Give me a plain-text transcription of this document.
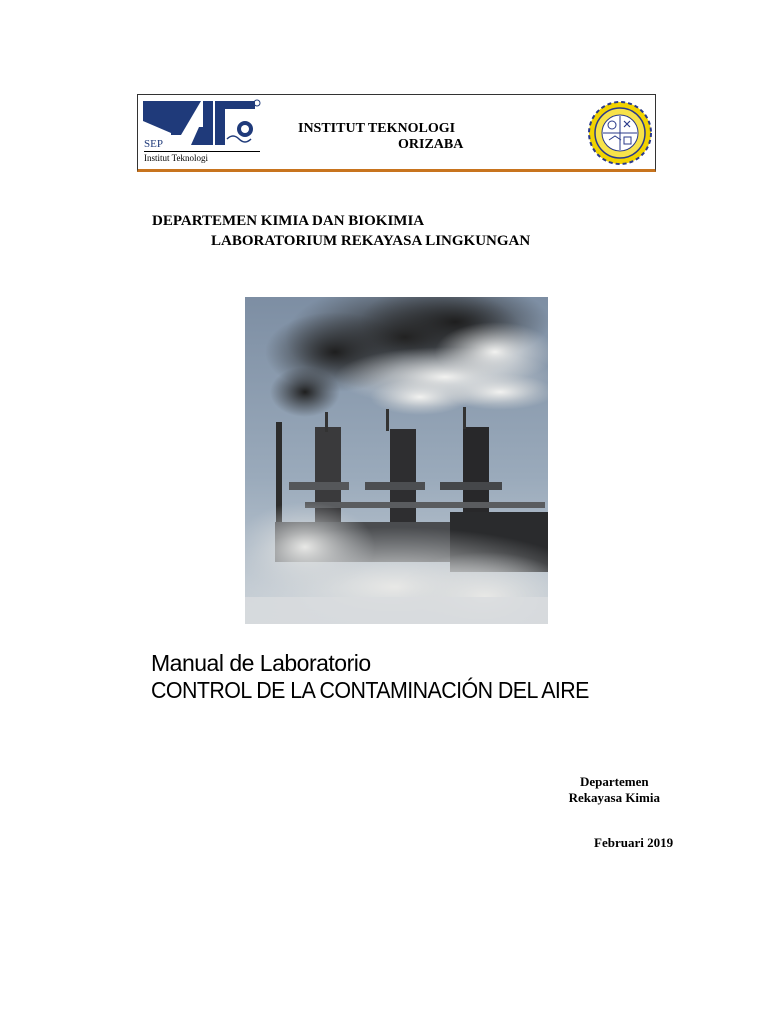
SEP
Institut Teknologi
INSTITUT TEKNOLOGI
ORIZABA
DEPARTEMEN KIMIA DAN BIOKIMIA
LABORATORIUM REKAYASA LINGKUNGAN
Manual de Laboratorio
CONTROL DE LA CONTAMINACIÓN DEL AIRE
Departemen
Rekayasa Kimia
Februari 2019
